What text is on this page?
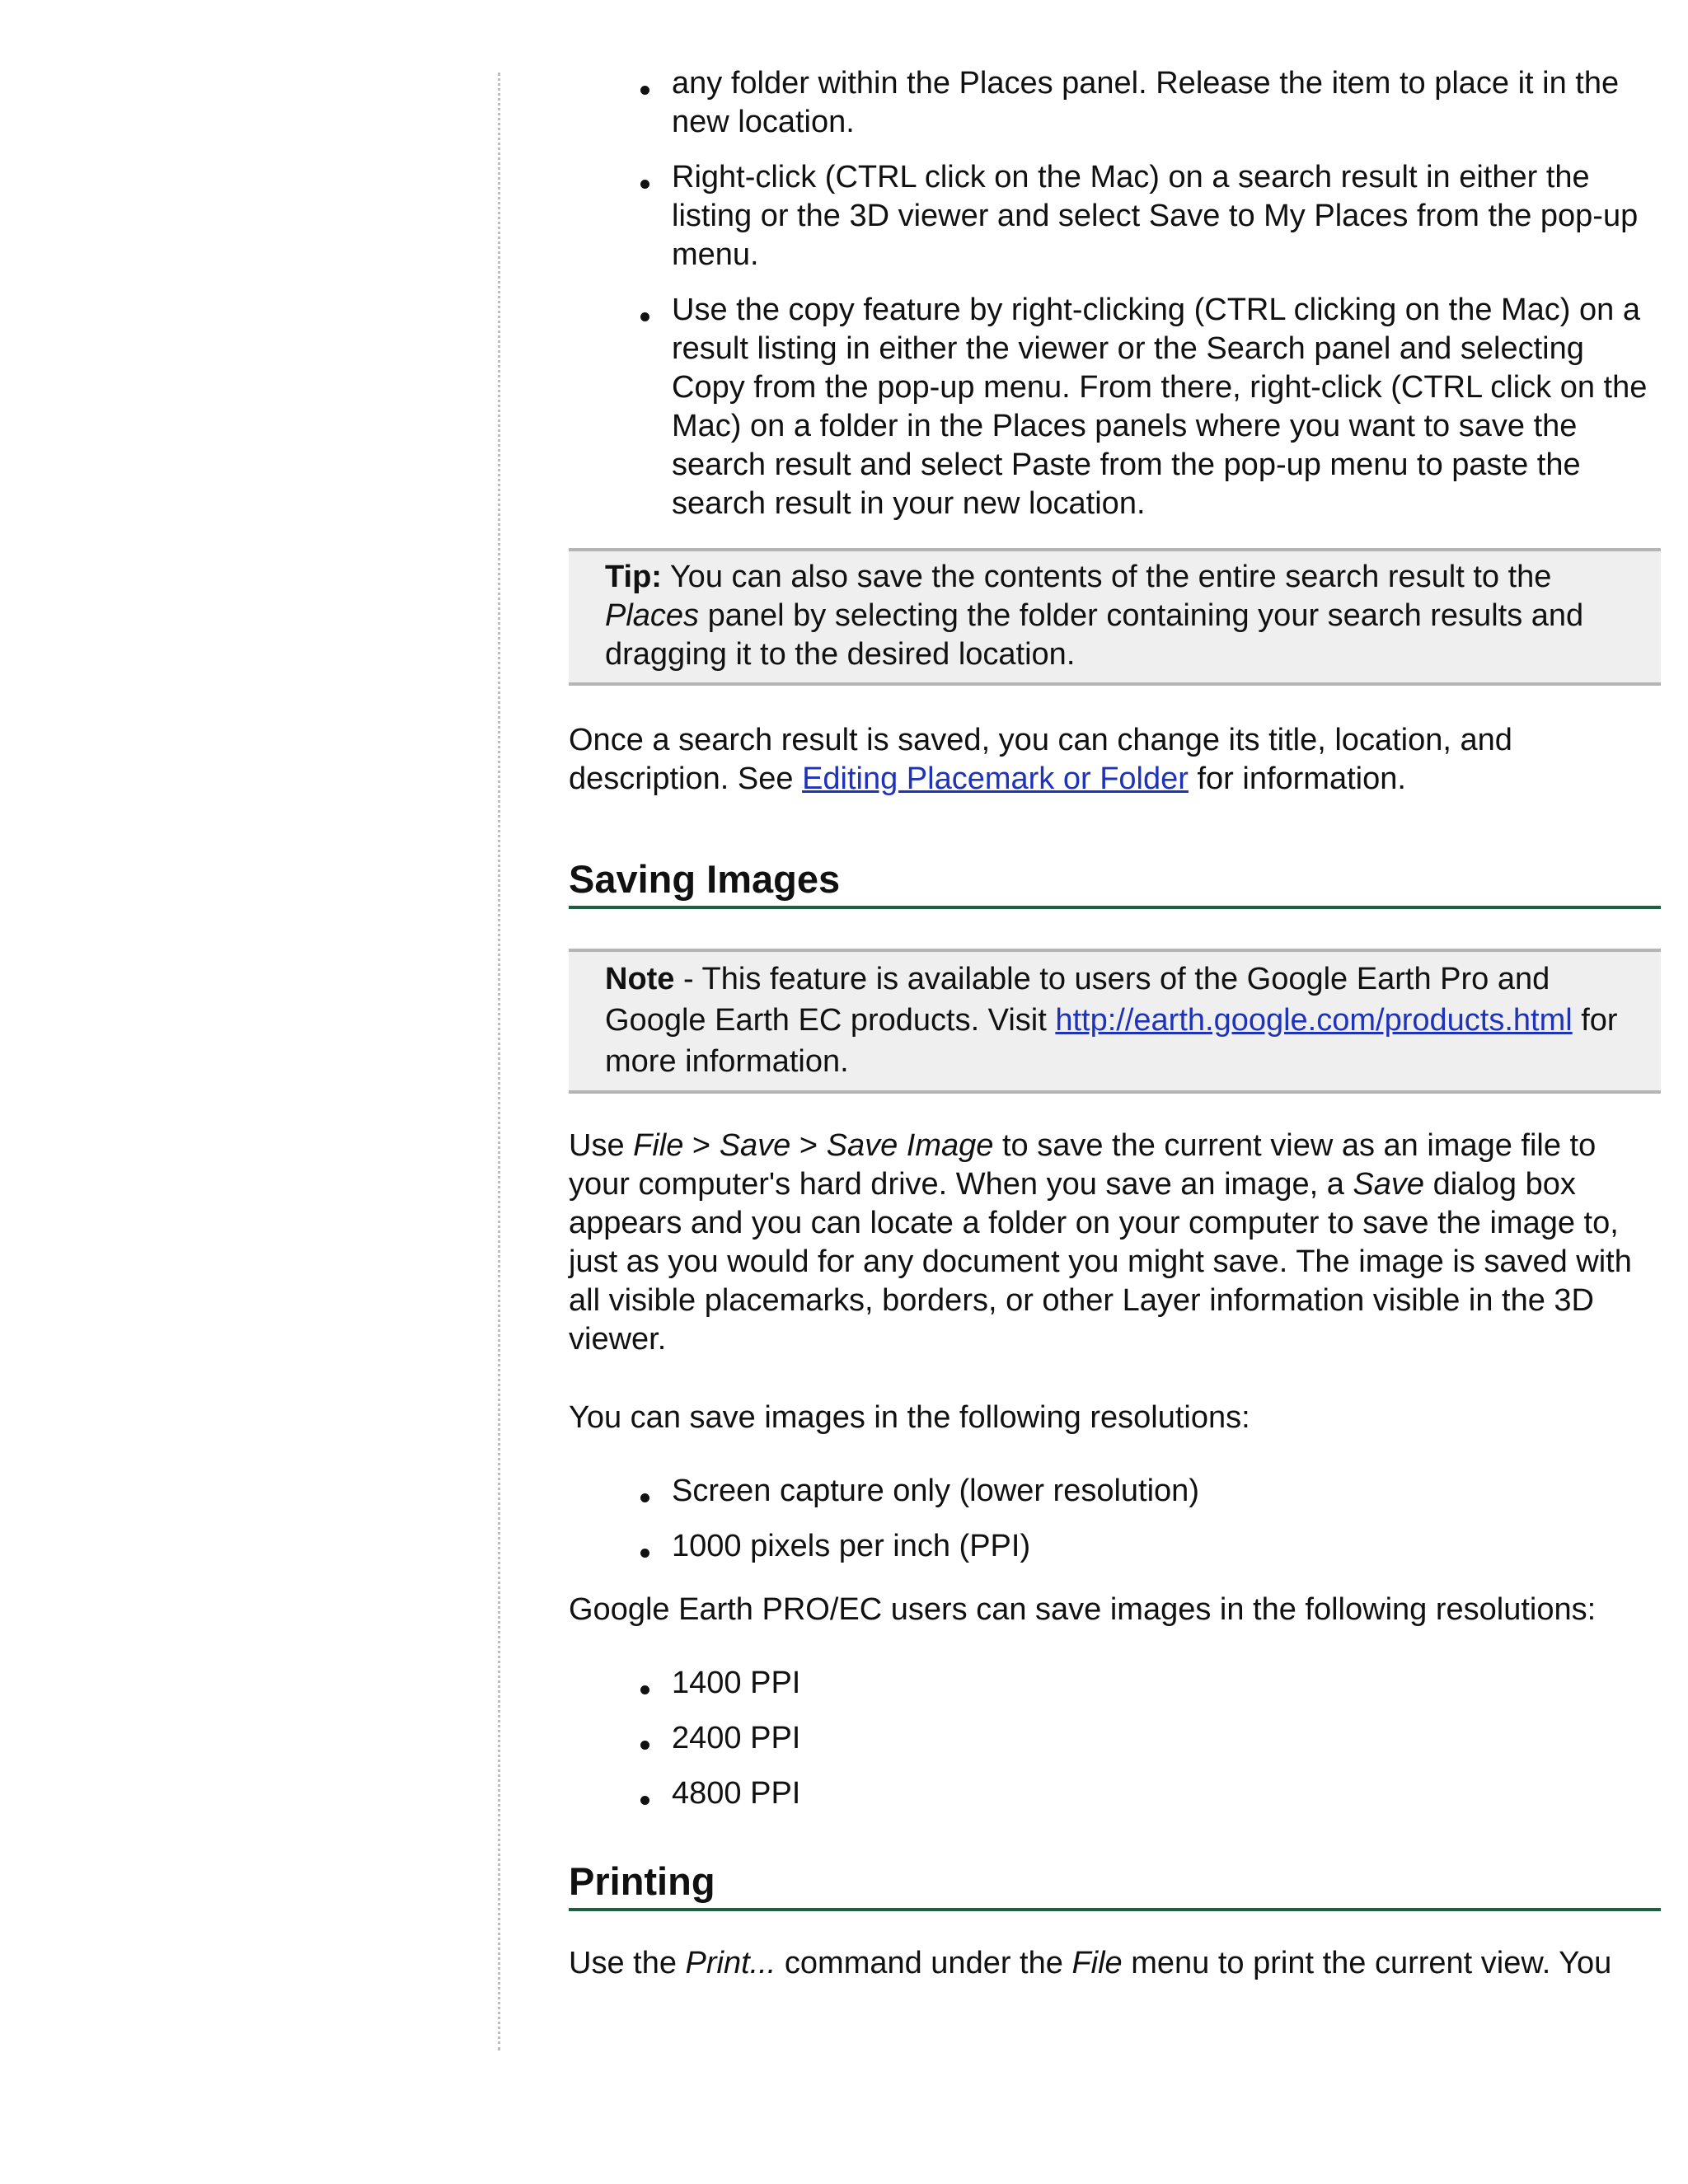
any folder within the Places panel. Release the item to place it in the new location.
Right-click (CTRL click on the Mac) on a search result in either the listing or the 3D viewer and select Save to My Places from the pop-up menu.
Use the copy feature by right-clicking (CTRL clicking on the Mac) on a result listing in either the viewer or the Search panel and selecting Copy from the pop-up menu. From there, right-click (CTRL click on the Mac) on a folder in the Places panels where you want to save the search result and select Paste from the pop-up menu to paste the search result in your new location.
Tip: You can also save the contents of the entire search result to the Places panel by selecting the folder containing your search results and dragging it to the desired location.

Once a search result is saved, you can change its title, location, and description. See Editing Placemark or Folder for information.

Saving Images
Note - This feature is available to users of the Google Earth Pro and Google Earth EC products. Visit http://earth.google.com/products.html for more information.

Use File > Save > Save Image to save the current view as an image file to your computer's hard drive. When you save an image, a Save dialog box appears and you can locate a folder on your computer to save the image to, just as you would for any document you might save. The image is saved with all visible placemarks, borders, or other Layer information visible in the 3D viewer.

You can save images in the following resolutions:

Screen capture only (lower resolution)
1000 pixels per inch (PPI)

Google Earth PRO/EC users can save images in the following resolutions:

1400 PPI
2400 PPI
4800 PPI
Printing

Use the Print... command under the File menu to print the current view. You
